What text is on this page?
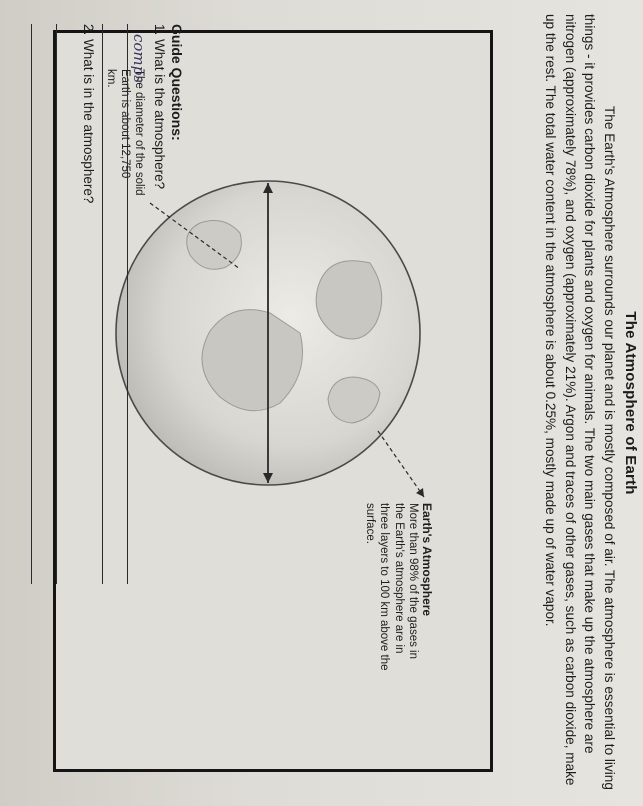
The Atmosphere of Earth
The Earth's Atmosphere surrounds our planet and is mostly composed of air. The atmosphere is essential to living things - it provides carbon dioxide for plants and oxygen for animals. The two main gases that make up the atmosphere are nitrogen (approximately 78%), and oxygen (approximately 21%). Argon and traces of other gases, such as carbon dioxide, make up the rest. The total water content in the atmosphere is about 0.25%, mostly made up of water vapor.
Earth's Atmosphere
More than 98% of the gases in the Earth's atmosphere are in three layers to 100 km above the surface.
The diameter of the solid Earth is about 12,750 km.	Guide Questions:
1. What is the atmosphere?
comps
2. What is in the atmosphere?
